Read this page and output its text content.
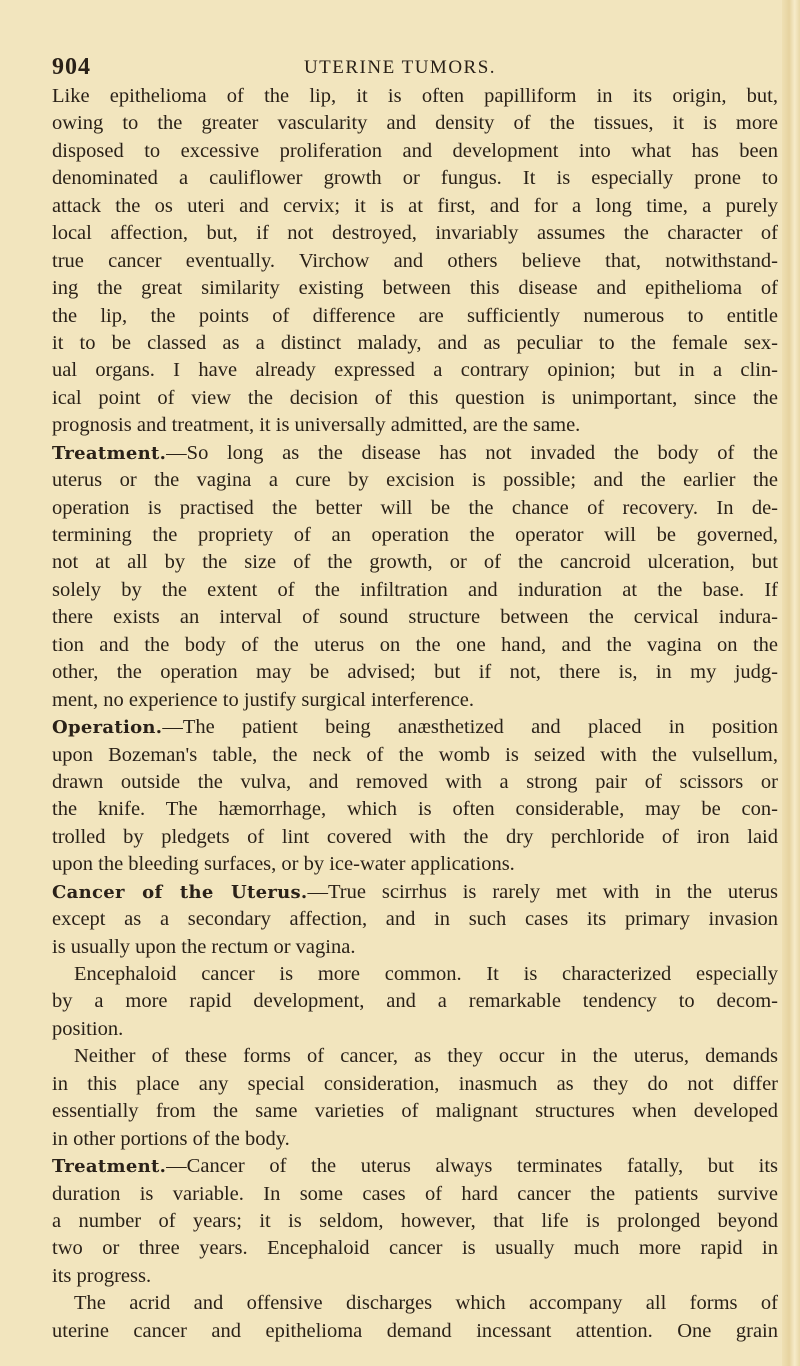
904	UTERINE TUMORS.
Like epithelioma of the lip, it is often papilliform in its origin, but,
owing to the greater vascularity and density of the tissues, it is more
disposed to excessive proliferation and development into what has been
denominated a cauliflower growth or fungus. It is especially prone to
attack the os uteri and cervix; it is at first, and for a long time, a purely
local affection, but, if not destroyed, invariably assumes the character of
true cancer eventually. Virchow and others believe that, notwithstand-
ing the great similarity existing between this disease and epithelioma of
the lip, the points of difference are sufficiently numerous to entitle
it to be classed as a distinct malady, and as peculiar to the female sex-
ual organs. I have already expressed a contrary opinion; but in a clin-
ical point of view the decision of this question is unimportant, since the
prognosis and treatment, it is universally admitted, are the same.
Treatment.—So long as the disease has not invaded the body of the
uterus or the vagina a cure by excision is possible; and the earlier the
operation is practised the better will be the chance of recovery. In de-
termining the propriety of an operation the operator will be governed,
not at all by the size of the growth, or of the cancroid ulceration, but
solely by the extent of the infiltration and induration at the base. If
there exists an interval of sound structure between the cervical indura-
tion and the body of the uterus on the one hand, and the vagina on the
other, the operation may be advised; but if not, there is, in my judg-
ment, no experience to justify surgical interference.
Operation.—The patient being anæsthetized and placed in position
upon Bozeman's table, the neck of the womb is seized with the vulsellum,
drawn outside the vulva, and removed with a strong pair of scissors or
the knife. The hæmorrhage, which is often considerable, may be con-
trolled by pledgets of lint covered with the dry perchloride of iron laid
upon the bleeding surfaces, or by ice-water applications.
Cancer of the Uterus.—True scirrhus is rarely met with in the uterus
except as a secondary affection, and in such cases its primary invasion
is usually upon the rectum or vagina.
Encephaloid cancer is more common. It is characterized especially
by a more rapid development, and a remarkable tendency to decom-
position.
Neither of these forms of cancer, as they occur in the uterus, demands
in this place any special consideration, inasmuch as they do not differ
essentially from the same varieties of malignant structures when developed
in other portions of the body.
Treatment.—Cancer of the uterus always terminates fatally, but its
duration is variable. In some cases of hard cancer the patients survive
a number of years; it is seldom, however, that life is prolonged beyond
two or three years. Encephaloid cancer is usually much more rapid in
its progress.
The acrid and offensive discharges which accompany all forms of
uterine cancer and epithelioma demand incessant attention. One grain
